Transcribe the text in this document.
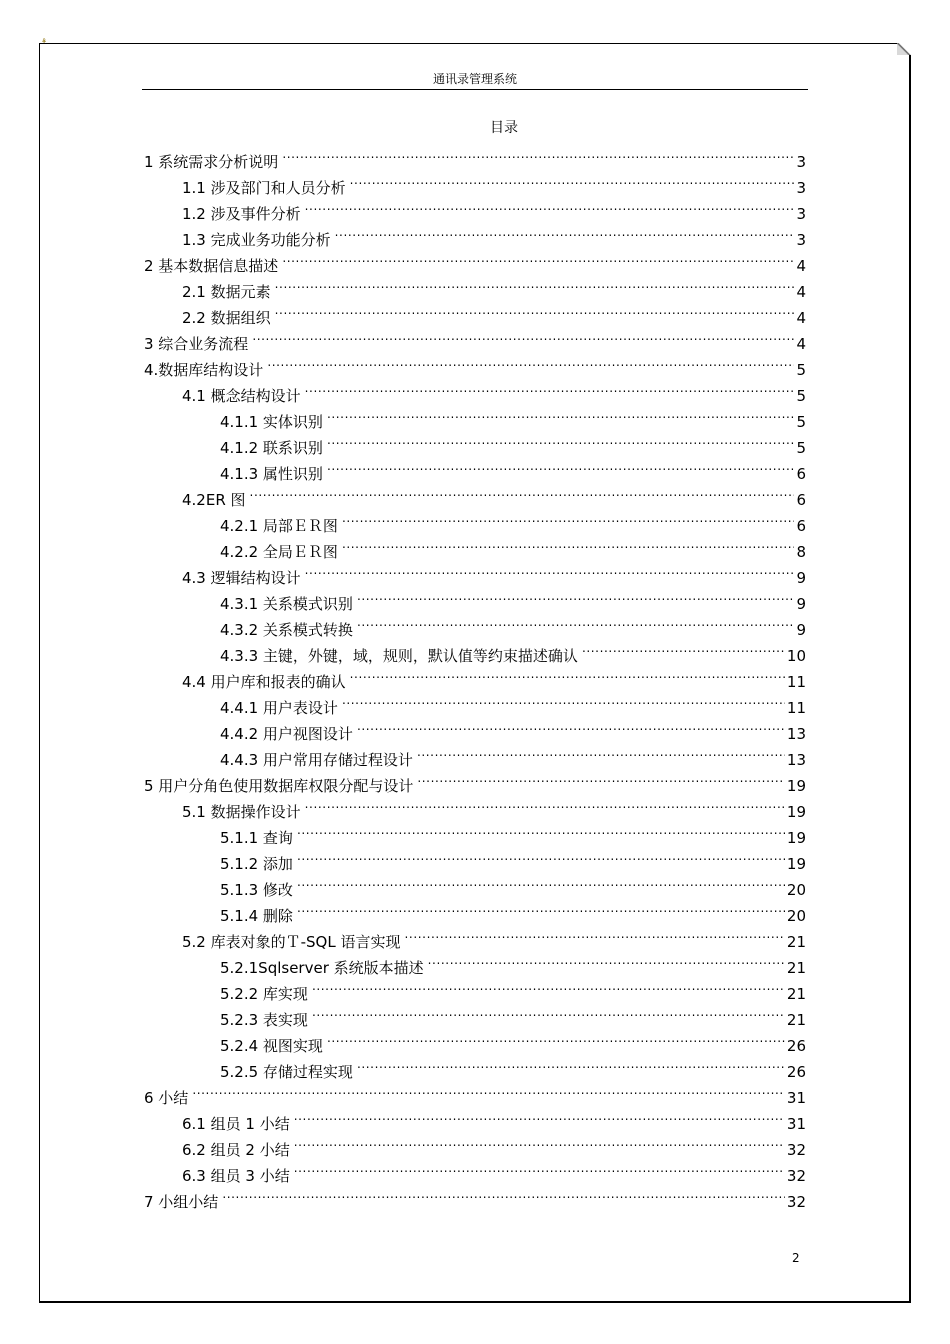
通讯录管理系统
目录
1 系统需求分析说明 .....	3
1.1 涉及部门和人员分析 .....	3
1.2 涉及事件分析 .....	3
1.3 完成业务功能分析 .....	3
2 基本数据信息描述 .....	4
2.1 数据元素 .....	4
2.2 数据组织 .....	4
3 综合业务流程 .....	4
4.数据库结构设计 .....	5
4.1 概念结构设计 .....	5
4.1.1 实体识别 .....	5
4.1.2 联系识别 .....	5
4.1.3 属性识别 .....	6
4.2ER 图 .....	6
4.2.1 局部ＥＲ图 .....	6
4.2.2 全局ＥＲ图 .....	8
4.3 逻辑结构设计 .....	9
4.3.1 关系模式识别 .....	9
4.3.2 关系模式转换 .....	9
4.3.3 主键，外键，域，规则，默认值等约束描述确认 .....	10
4.4 用户库和报表的确认 .....	11
4.4.1 用户表设计 .....	11
4.4.2 用户视图设计 .....	13
4.4.3 用户常用存储过程设计 .....	13
5 用户分角色使用数据库权限分配与设计 .....	19
5.1 数据操作设计 .....	19
5.1.1 查询 .....	19
5.1.2 添加 .....	19
5.1.3 修改 .....	20
5.1.4 删除 .....	20
5.2 库表对象的Ｔ-SQL 语言实现 .....	21
5.2.1Sqlserver 系统版本描述 .....	21
5.2.2 库实现 .....	21
5.2.3 表实现 .....	21
5.2.4 视图实现 .....	26
5.2.5 存储过程实现 .....	26
6 小结 .....	31
6.1 组员 1 小结 .....	31
6.2 组员 2 小结 .....	32
6.3 组员 3 小结 .....	32
7 小组小结 .....	32
2
